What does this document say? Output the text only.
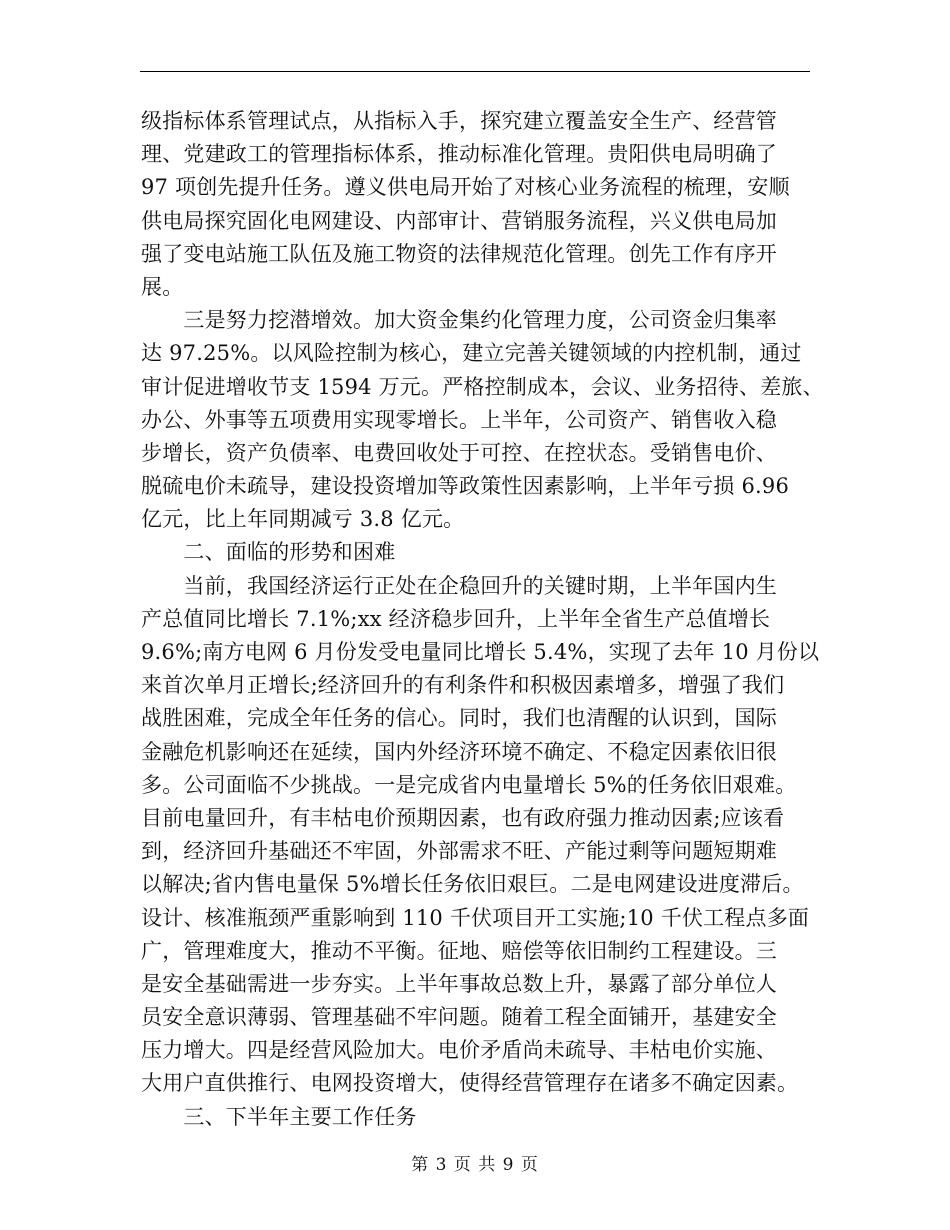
级指标体系管理试点，从指标入手，探究建立覆盖安全生产、经营管
理、党建政工的管理指标体系，推动标准化管理。贵阳供电局明确了
97 项创先提升任务。遵义供电局开始了对核心业务流程的梳理，安顺
供电局探究固化电网建设、内部审计、营销服务流程，兴义供电局加
强了变电站施工队伍及施工物资的法律规范化管理。创先工作有序开
展。
　　三是努力挖潜增效。加大资金集约化管理力度，公司资金归集率
达 97.25%。以风险控制为核心，建立完善关键领域的内控机制，通过
审计促进增收节支 1594 万元。严格控制成本，会议、业务招待、差旅、
办公、外事等五项费用实现零增长。上半年，公司资产、销售收入稳
步增长，资产负债率、电费回收处于可控、在控状态。受销售电价、
脱硫电价未疏导，建设投资增加等政策性因素影响，上半年亏损 6.96
亿元，比上年同期减亏 3.8 亿元。
　　二、面临的形势和困难
　　当前，我国经济运行正处在企稳回升的关键时期，上半年国内生
产总值同比增长 7.1%;xx 经济稳步回升，上半年全省生产总值增长
9.6%;南方电网 6 月份发受电量同比增长 5.4%，实现了去年 10 月份以
来首次单月正增长;经济回升的有利条件和积极因素增多，增强了我们
战胜困难，完成全年任务的信心。同时，我们也清醒的认识到，国际
金融危机影响还在延续，国内外经济环境不确定、不稳定因素依旧很
多。公司面临不少挑战。一是完成省内电量增长 5%的任务依旧艰难。
目前电量回升，有丰枯电价预期因素，也有政府强力推动因素;应该看
到，经济回升基础还不牢固，外部需求不旺、产能过剩等问题短期难
以解决;省内售电量保 5%增长任务依旧艰巨。二是电网建设进度滞后。
设计、核准瓶颈严重影响到 110 千伏项目开工实施;10 千伏工程点多面
广，管理难度大，推动不平衡。征地、赔偿等依旧制约工程建设。三
是安全基础需进一步夯实。上半年事故总数上升，暴露了部分单位人
员安全意识薄弱、管理基础不牢问题。随着工程全面铺开，基建安全
压力增大。四是经营风险加大。电价矛盾尚未疏导、丰枯电价实施、
大用户直供推行、电网投资增大，使得经营管理存在诸多不确定因素。
　　三、下半年主要工作任务
第 3 页 共 9 页
